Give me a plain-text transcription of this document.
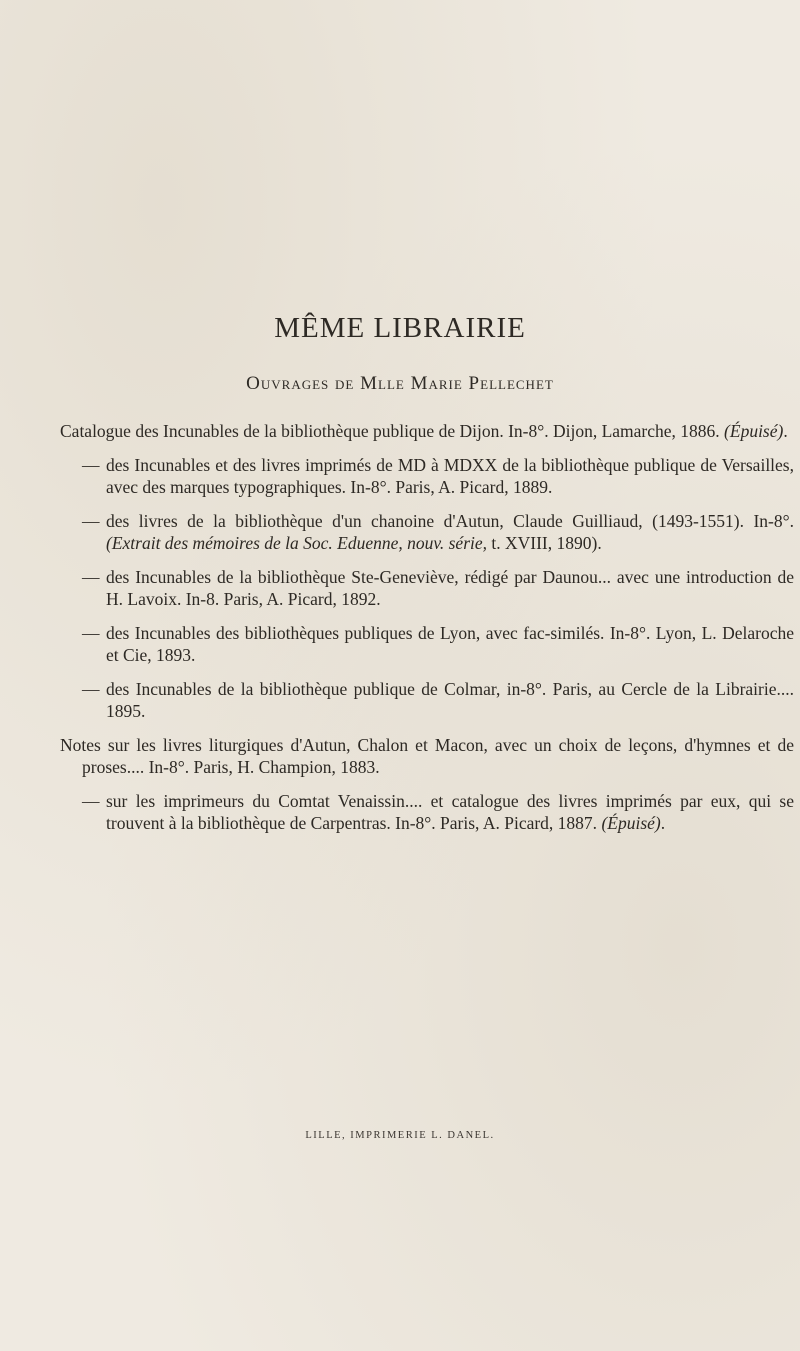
MÊME LIBRAIRIE
Ouvrages de Mlle Marie Pellechet

Catalogue des Incunables de la bibliothèque publique de Dijon. In-8°. Dijon, Lamarche, 1886. (Épuisé).

— des Incunables et des livres imprimés de MD à MDXX de la bibliothèque publique de Versailles, avec des marques typographiques. In-8°. Paris, A. Picard, 1889.

— des livres de la bibliothèque d'un chanoine d'Autun, Claude Guilliaud, (1493-1551). In-8°. (Extrait des mémoires de la Soc. Eduenne, nouv. série, t. XVIII, 1890).

— des Incunables de la bibliothèque Ste-Geneviève, rédigé par Daunou... avec une introduction de H. Lavoix. In-8. Paris, A. Picard, 1892.

— des Incunables des bibliothèques publiques de Lyon, avec fac-similés. In-8°. Lyon, L. Delaroche et Cie, 1893.

— des Incunables de la bibliothèque publique de Colmar, in-8°. Paris, au Cercle de la Librairie.... 1895.

Notes sur les livres liturgiques d'Autun, Chalon et Macon, avec un choix de leçons, d'hymnes et de proses.... In-8°. Paris, H. Champion, 1883.

— sur les imprimeurs du Comtat Venaissin.... et catalogue des livres imprimés par eux, qui se trouvent à la bibliothèque de Carpentras. In-8°. Paris, A. Picard, 1887. (Épuisé).

LILLE, IMPRIMERIE L. DANEL.
